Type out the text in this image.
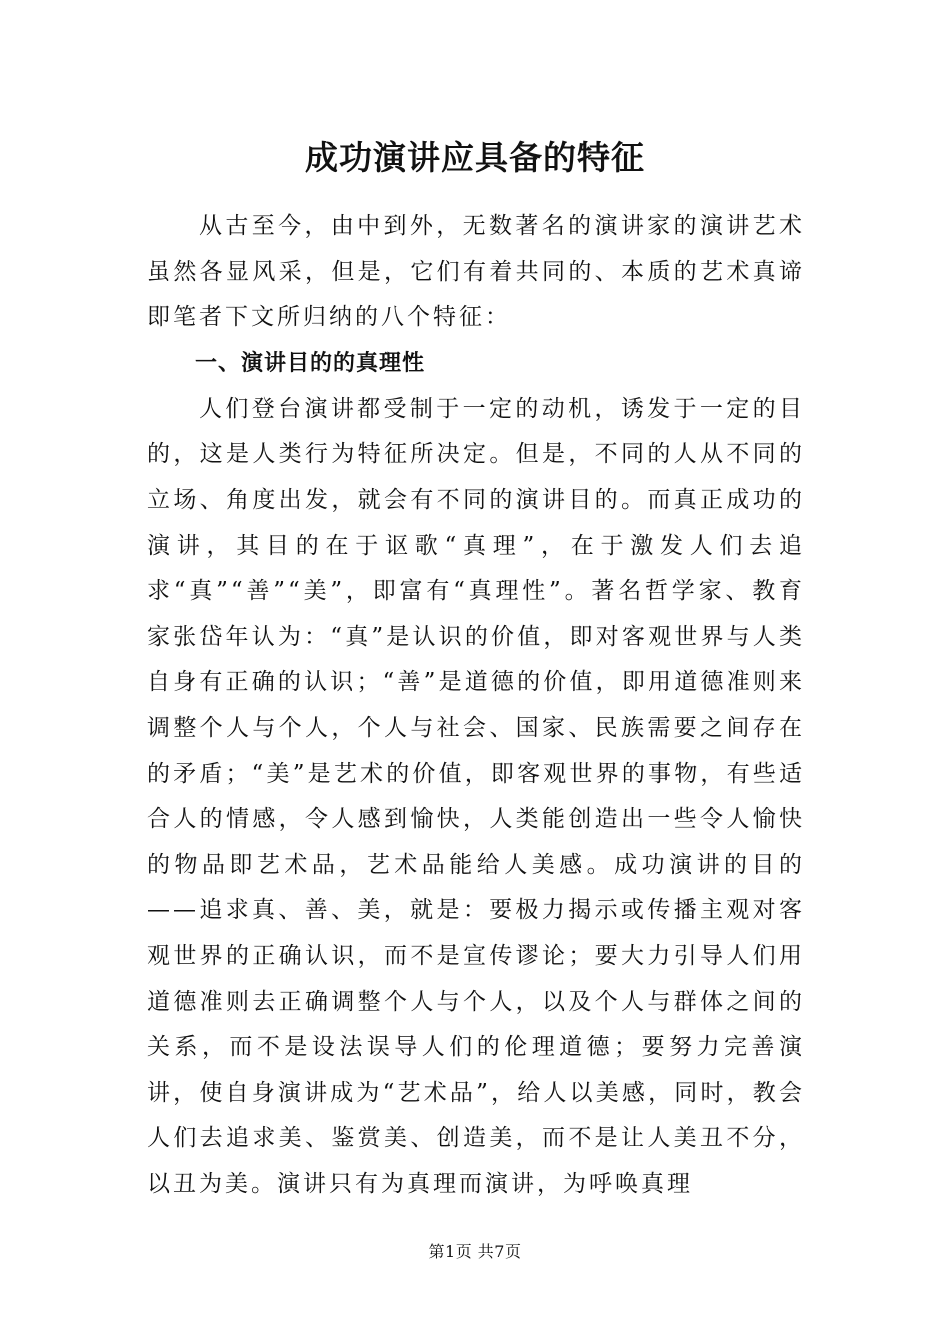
成功演讲应具备的特征

从古至今，由中到外，无数著名的演讲家的演讲艺术虽然各显风采，但是，它们有着共同的、本质的艺术真谛即笔者下文所归纳的八个特征：

一、演讲目的的真理性

人们登台演讲都受制于一定的动机，诱发于一定的目的，这是人类行为特征所决定。但是，不同的人从不同的立场、角度出发，就会有不同的演讲目的。而真正成功的演讲，其目的在于讴歌“真理”，在于激发人们去追求“真”“善”“美”，即富有“真理性”。著名哲学家、教育家张岱年认为：“真”是认识的价值，即对客观世界与人类自身有正确的认识；“善”是道德的价值，即用道德准则来调整个人与个人，个人与社会、国家、民族需要之间存在的矛盾；“美”是艺术的价值，即客观世界的事物，有些适合人的情感，令人感到愉快，人类能创造出一些令人愉快的物品即艺术品，艺术品能给人美感。成功演讲的目的——追求真、善、美，就是：要极力揭示或传播主观对客观世界的正确认识，而不是宣传谬论；要大力引导人们用道德准则去正确调整个人与个人，以及个人与群体之间的关系，而不是设法误导人们的伦理道德；要努力完善演讲，使自身演讲成为“艺术品”，给人以美感，同时，教会人们去追求美、鉴赏美、创造美，而不是让人美丑不分，以丑为美。演讲只有为真理而演讲，为呼唤真理

第1页 共7页
